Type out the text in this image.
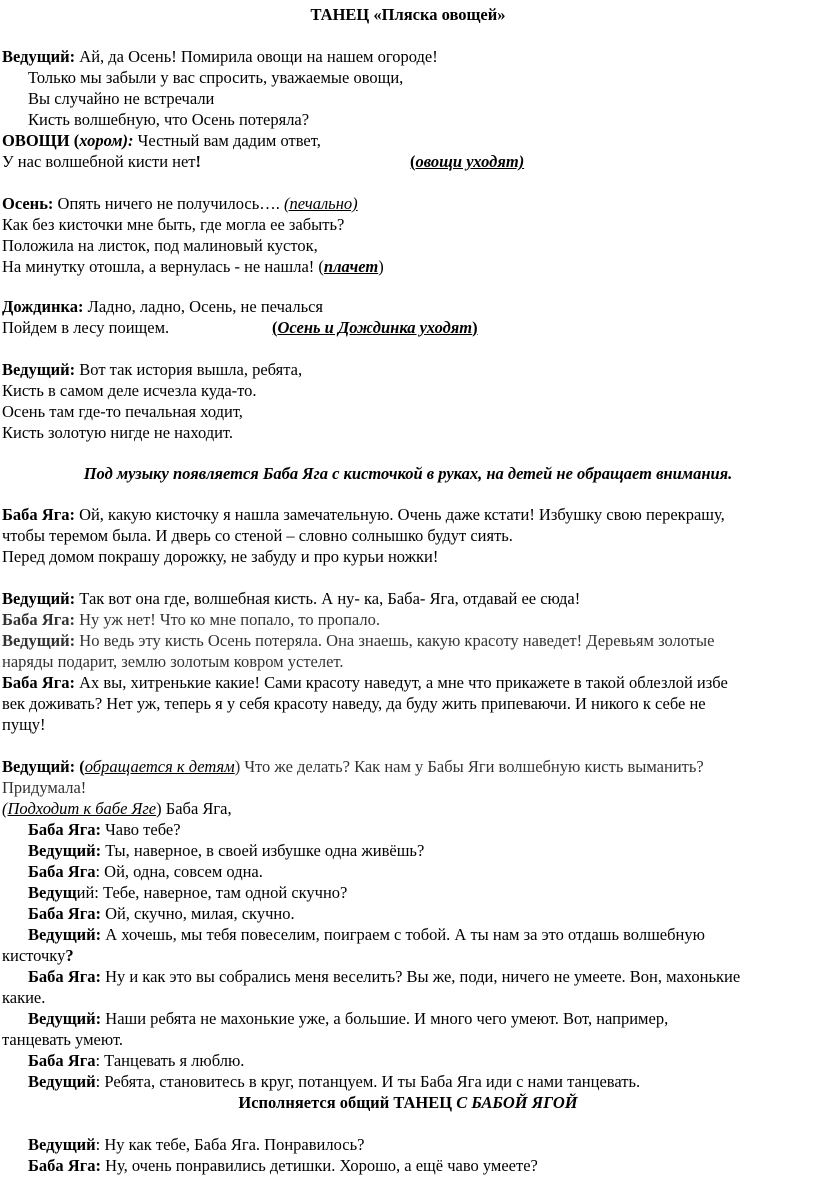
ТАНЕЦ «Пляска овощей»
Ведущий: Ай, да Осень! Помирила овощи на нашем огороде!
Только мы забыли у вас спросить, уважаемые овощи,
Вы случайно не встречали
Кисть волшебную, что Осень потеряла?
ОВОЩИ (хором): Честный вам дадим ответ,
У нас волшебной кисти нет!	(овощи уходят)
Осень: Опять ничего не получилось…. (печально)
Как без кисточки мне быть, где могла ее забыть?
Положила на листок, под малиновый кусток,
На минутку отошла, а вернулась - не нашла! (плачет)
Дождинка: Ладно, ладно, Осень, не печалься
Пойдем в лесу поищем.	(Осень и Дождинка уходят)
Ведущий: Вот так история вышла, ребята,
Кисть в самом деле исчезла куда-то.
Осень там где-то печальная ходит,
Кисть золотую нигде не находит.
Под музыку появляется Баба Яга с кисточкой в руках, на детей не обращает внимания.
Баба Яга: Ой, какую кисточку я нашла замечательную. Очень даже кстати! Избушку свою перекрашу,
чтобы теремом была. И дверь со стеной – словно солнышко будут сиять.
Перед домом покрашу дорожку, не забуду и про курьи ножки!
Ведущий: Так вот она где, волшебная кисть. А ну- ка, Баба- Яга, отдавай ее сюда!
Баба Яга: Ну уж нет! Что ко мне попало, то пропало.
Ведущий: Но ведь эту кисть Осень потеряла. Она знаешь, какую красоту наведет! Деревьям золотые
наряды подарит, землю золотым ковром устелет.
Баба Яга: Ах вы, хитренькие какие! Сами красоту наведут, а мне что прикажете в такой облезлой избе
век доживать? Нет уж, теперь я у себя красоту наведу, да буду жить припеваючи. И никого к себе не
пущу!
Ведущий: (обращается к детям) Что же делать? Как нам у Бабы Яги волшебную кисть выманить?
Придумала!
(Подходит к бабе Яге) Баба Яга,
Баба Яга: Чаво тебе?
Ведущий: Ты, наверное, в своей избушке одна живёшь?
Баба Яга: Ой, одна, совсем одна.
Ведущий: Тебе, наверное, там одной скучно?
Баба Яга: Ой, скучно, милая, скучно.
Ведущий: А хочешь, мы тебя повеселим, поиграем с тобой. А ты нам за это отдашь волшебную
кисточку?
Баба Яга: Ну и как это вы собрались меня веселить? Вы же, поди, ничего не умеете. Вон, махонькие
какие.
Ведущий: Наши ребята не махонькие уже, а большие. И много чего умеют. Вот, например,
танцевать умеют.
Баба Яга: Танцевать я люблю.
Ведущий: Ребята, становитесь в круг, потанцуем. И ты Баба Яга иди с нами танцевать.
Исполняется общий ТАНЕЦ С БАБОЙ ЯГОЙ
Ведущий: Ну как тебе, Баба Яга. Понравилось?
Баба Яга: Ну, очень понравились детишки. Хорошо, а ещё чаво умеете?
